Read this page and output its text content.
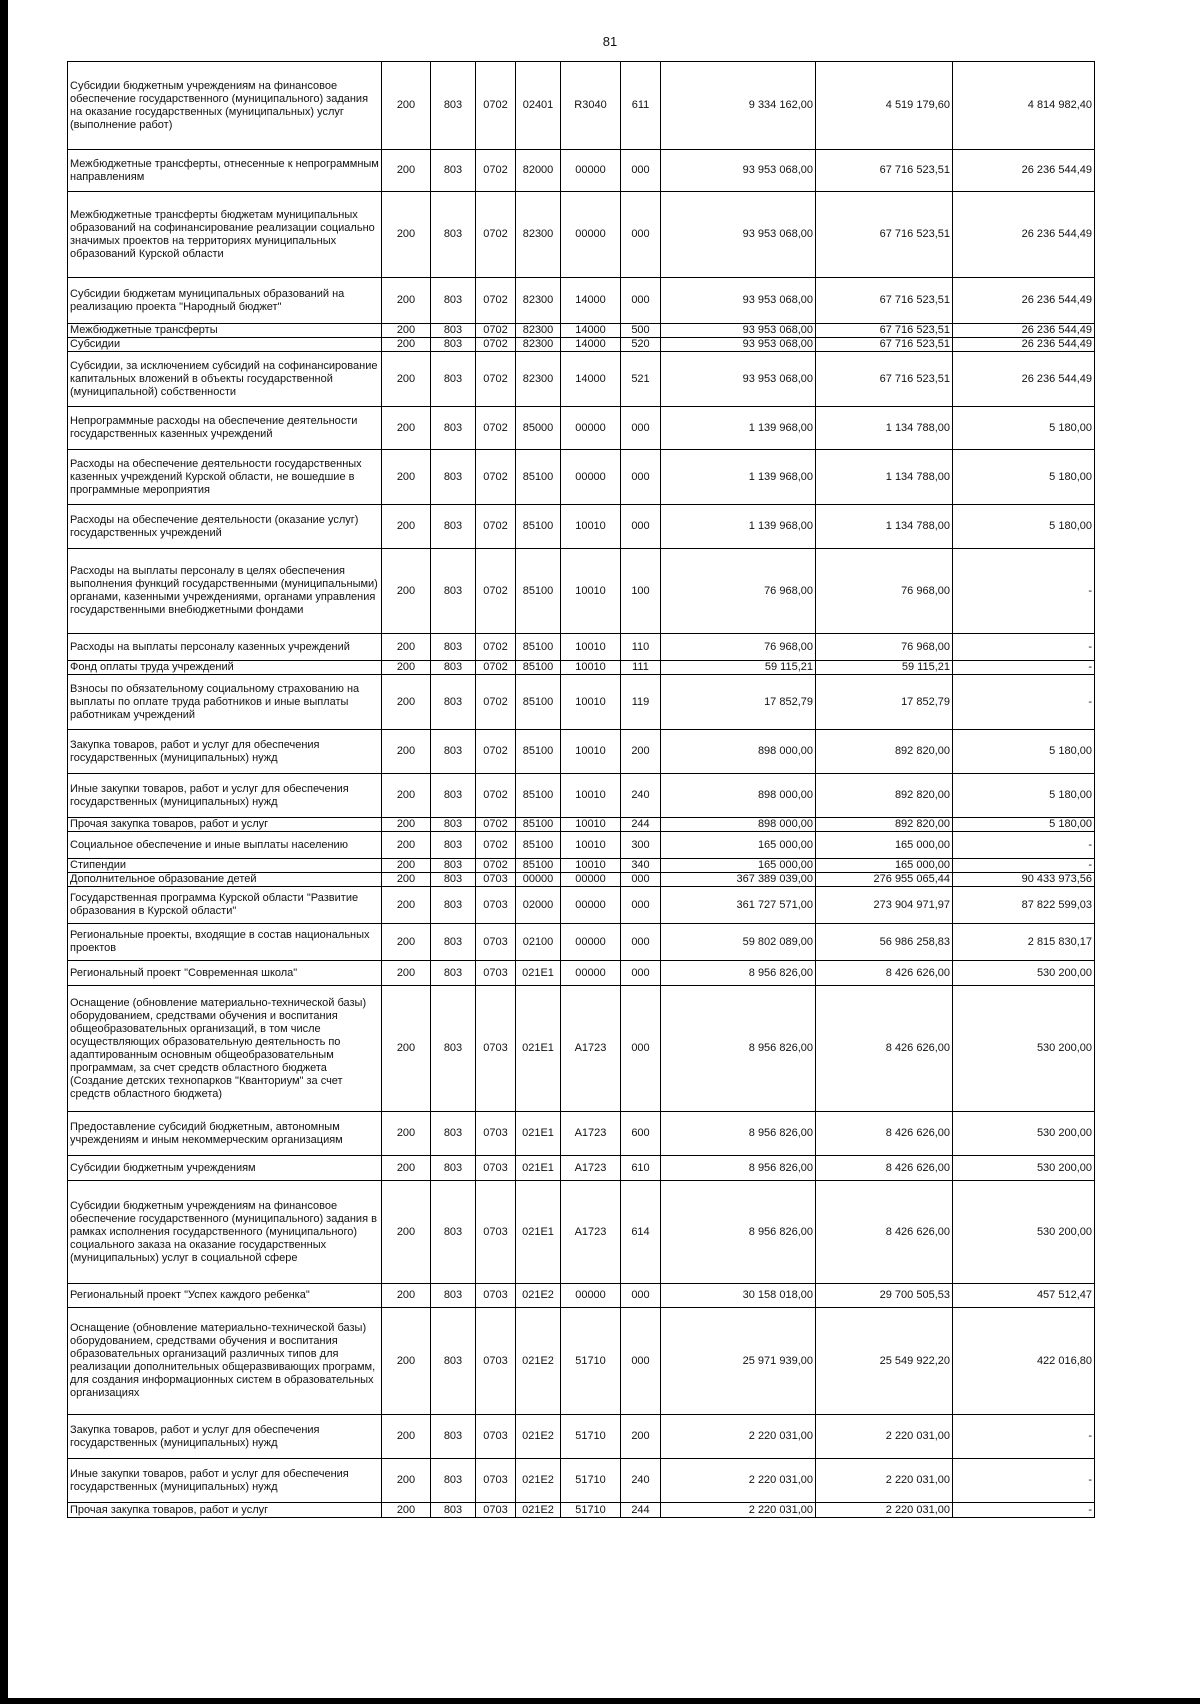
81
Субсидии бюджетным учреждениям на финансовое обеспечение государственного (муниципального) задания на оказание государственных (муниципальных) услуг (выполнение работ)	200	803	0702	02401	R3040	611	9 334 162,00	4 519 179,60	4 814 982,40
Межбюджетные трансферты, отнесенные к непрограммным направлениям	200	803	0702	82000	00000	000	93 953 068,00	67 716 523,51	26 236 544,49
Межбюджетные трансферты бюджетам муниципальных образований на софинансирование реализации социально значимых проектов на территориях муниципальных образований Курской области	200	803	0702	82300	00000	000	93 953 068,00	67 716 523,51	26 236 544,49
Субсидии бюджетам муниципальных образований на реализацию проекта "Народный бюджет"	200	803	0702	82300	14000	000	93 953 068,00	67 716 523,51	26 236 544,49
Межбюджетные трансферты	200	803	0702	82300	14000	500	93 953 068,00	67 716 523,51	26 236 544,49
Субсидии	200	803	0702	82300	14000	520	93 953 068,00	67 716 523,51	26 236 544,49
Субсидии, за исключением субсидий на софинансирование капитальных вложений в объекты государственной (муниципальной) собственности	200	803	0702	82300	14000	521	93 953 068,00	67 716 523,51	26 236 544,49
Непрограммные расходы на обеспечение деятельности государственных казенных учреждений	200	803	0702	85000	00000	000	1 139 968,00	1 134 788,00	5 180,00
Расходы на обеспечение деятельности государственных казенных учреждений Курской области, не вошедшие в программные мероприятия	200	803	0702	85100	00000	000	1 139 968,00	1 134 788,00	5 180,00
Расходы на обеспечение деятельности (оказание услуг) государственных учреждений	200	803	0702	85100	10010	000	1 139 968,00	1 134 788,00	5 180,00
Расходы на выплаты персоналу в целях обеспечения выполнения функций государственными (муниципальными) органами, казенными учреждениями, органами управления государственными внебюджетными фондами	200	803	0702	85100	10010	100	76 968,00	76 968,00	-
Расходы на выплаты персоналу казенных учреждений	200	803	0702	85100	10010	110	76 968,00	76 968,00	-
Фонд оплаты труда учреждений	200	803	0702	85100	10010	111	59 115,21	59 115,21	-
Взносы по обязательному социальному страхованию на выплаты по оплате труда работников и иные выплаты работникам учреждений	200	803	0702	85100	10010	119	17 852,79	17 852,79	-
Закупка товаров, работ и услуг для обеспечения государственных (муниципальных) нужд	200	803	0702	85100	10010	200	898 000,00	892 820,00	5 180,00
Иные закупки товаров, работ и услуг для обеспечения государственных (муниципальных) нужд	200	803	0702	85100	10010	240	898 000,00	892 820,00	5 180,00
Прочая закупка товаров, работ и услуг	200	803	0702	85100	10010	244	898 000,00	892 820,00	5 180,00
Социальное обеспечение и иные выплаты населению	200	803	0702	85100	10010	300	165 000,00	165 000,00	-
Стипендии	200	803	0702	85100	10010	340	165 000,00	165 000,00	-
Дополнительное образование детей	200	803	0703	00000	00000	000	367 389 039,00	276 955 065,44	90 433 973,56
Государственная программа Курской области "Развитие образования в Курской области"	200	803	0703	02000	00000	000	361 727 571,00	273 904 971,97	87 822 599,03
Региональные проекты, входящие в состав национальных проектов	200	803	0703	02100	00000	000	59 802 089,00	56 986 258,83	2 815 830,17
Региональный проект "Современная школа"	200	803	0703	021E1	00000	000	8 956 826,00	8 426 626,00	530 200,00
Оснащение (обновление материально-технической базы) оборудованием, средствами обучения и воспитания общеобразовательных организаций, в том числе осуществляющих образовательную деятельность по адаптированным основным общеобразовательным программам, за счет средств областного бюджета (Создание детских технопарков "Кванториум" за счет средств областного бюджета)	200	803	0703	021E1	A1723	000	8 956 826,00	8 426 626,00	530 200,00
Предоставление субсидий бюджетным, автономным учреждениям и иным некоммерческим организациям	200	803	0703	021E1	A1723	600	8 956 826,00	8 426 626,00	530 200,00
Субсидии бюджетным учреждениям	200	803	0703	021E1	A1723	610	8 956 826,00	8 426 626,00	530 200,00
Субсидии бюджетным учреждениям на финансовое обеспечение государственного (муниципального) задания в рамках исполнения государственного (муниципального) социального заказа на оказание государственных (муниципальных) услуг в социальной сфере	200	803	0703	021E1	A1723	614	8 956 826,00	8 426 626,00	530 200,00
Региональный проект "Успех каждого ребенка"	200	803	0703	021E2	00000	000	30 158 018,00	29 700 505,53	457 512,47
Оснащение (обновление материально-технической базы) оборудованием, средствами обучения и воспитания образовательных организаций различных типов для реализации дополнительных общеразвивающих программ, для создания информационных систем в образовательных организациях	200	803	0703	021E2	51710	000	25 971 939,00	25 549 922,20	422 016,80
Закупка товаров, работ и услуг для обеспечения государственных (муниципальных) нужд	200	803	0703	021E2	51710	200	2 220 031,00	2 220 031,00	-
Иные закупки товаров, работ и услуг для обеспечения государственных (муниципальных) нужд	200	803	0703	021E2	51710	240	2 220 031,00	2 220 031,00	-
Прочая закупка товаров, работ и услуг	200	803	0703	021E2	51710	244	2 220 031,00	2 220 031,00	-
